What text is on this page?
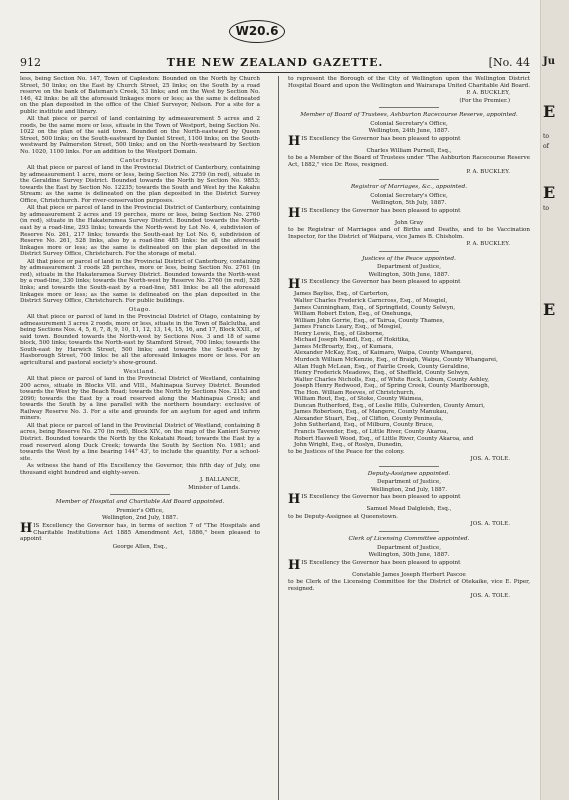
Ju
E
to
of
E
to
E
W20.6
912	THE NEW ZEALAND GAZETTE.	[No. 44

less, being Section No. 147, Town of Capleston: Bounded on the North by Church Street, 50 links; on the East by Church Street, 25 links; on the South by a road reserve on the bank of Bateman's Creek, 53 links; and on the West by Section No. 146, 42 links: be all the aforesaid linkages more or less; as the same is delineated on the plan deposited in the office of the Chief Surveyor, Nelson. For a site for a public institute and library.

All that piece or parcel of land containing by admeasurement 5 acres and 2 roods, be the same more or less, situate in the Town of Westport, being Section No. 1022 on the plan of the said town. Bounded on the North-eastward by Queen Street, 500 links; on the South-eastward by Daniel Street, 1100 links; on the South-westward by Palmerston Street, 500 links; and on the North-westward by Section No. 1020, 1100 links. For an addition to the Westport Domain.

Canterbury.

All that piece or parcel of land in the Provincial District of Canterbury, containing by admeasurement 1 acre, more or less, being Section No. 2759 (in red), situate in the Geraldine Survey District. Bounded towards the North by Section No. 9853; towards the East by Section No. 12235; towards the South and West by the Kakahu Stream: as the same is delineated on the plan deposited in the District Survey Office, Christchurch. For river-conservation purposes.

All that piece or parcel of land in the Provincial District of Canterbury, containing by admeasurement 2 acres and 19 perches, more or less, being Section No. 2760 (in red), situate in the Hakateramea Survey District. Bounded towards the North-east by a road-line, 293 links; towards the North-west by Lot No. 4, subdivision of Reserve No. 261, 217 links; towards the South-east by Lot No. 6, subdivision of Reserve No. 261, 528 links, also by a road-line 485 links: be all the aforesaid linkages more or less; as the same is delineated on the plan deposited in the District Survey Office, Christchurch. For the storage of metal.

All that piece or parcel of land in the Provincial District of Canterbury, containing by admeasurement 3 roods 28 perches, more or less, being Section No. 2761 (in red), situate in the Hakateramea Survey District. Bounded towards the North-west by a road-line, 330 links; towards the North-west by Reserve No. 2760 (in red), 528 links; and towards the South-east by a road-line, 581 links: be all the aforesaid linkages more or less; as the same is delineated on the plan deposited in the District Survey Office, Christchurch. For public buildings.

Otago.

All that piece or parcel of land in the Provincial District of Otago, containing by admeasurement 3 acres 2 roods, more or less, situate in the Town of Balclutha, and being Sections Nos. 4, 5, 6, 7, 8, 9, 10, 11, 12, 13, 14, 15, 16, and 17, Block XXII., of said town. Bounded towards the North-west by Sections Nos. 3 and 18 of same block, 500 links; towards the North-east by Stamford Street, 700 links; towards the South-east by Harwich Street, 500 links; and towards the South-west by Hasborough Street, 700 links: be all the aforesaid linkages more or less. For an agricultural and pastoral society's show-ground.

Westland.

All that piece or parcel of land in the Provincial District of Westland, containing 200 acres, situate in Blocks VII. and VIII., Mahinapua Survey District. Bounded towards the West by the Beach Road; towards the North by Sections Nos. 2153 and 2090; towards the East by a road reserved along the Mahinapua Creek; and towards the South by a line parallel with the northern boundary: exclusive of Railway Reserve No. 3. For a site and grounds for an asylum for aged and infirm miners.

All that piece or parcel of land in the Provincial District of Westland, containing 8 acres, being Reserve No. 270 (in red), Block XIV., on the map of the Kanieri Survey District. Bounded towards the North by the Kokatahi Road; towards the East by a road reserved along Duck Creek; towards the South by Section No. 1981; and towards the West by a line bearing 144° 43', to include the quantity. For a school-site.

As witness the hand of His Excellency the Governor, this fifth day of July, one thousand eight hundred and eighty-seven.

J. BALLANCE,

Minister of Lands.

Member of Hospital and Charitable Aid Board appointed.

Premier's Office,

Wellington, 2nd July, 1887.

HIS Excellency the Governor has, in terms of section 7 of "The Hospitals and Charitable Institutions Act 1885 Amendment Act, 1886," been pleased to appoint

George Allen, Esq.,

to represent the Borough of the City of Wellington upon the Wellington District Hospital Board and upon the Wellington and Wairarapa United Charitable Aid Board.

P. A. BUCKLEY,

(For the Premier.)

Member of Board of Trustees, Ashburton Racecourse Reserve, appointed.

Colonial Secretary's Office,

Wellington, 24th June, 1887.

HIS Excellency the Governor has been pleased to appoint

Charles William Purnell, Esq.,

to be a Member of the Board of Trustees under "The Ashburton Racecourse Reserve Act, 1882," vice Dr. Ross, resigned.

P. A. BUCKLEY.

Registrar of Marriages, &c., appointed.

Colonial Secretary's Office,

Wellington, 5th July, 1887.

HIS Excellency the Governor has been pleased to appoint

John Gray

to be Registrar of Marriages and of Births and Deaths, and to be Vaccination Inspector, for the District of Waipara, vice James B. Chisholm.

P. A. BUCKLEY.

Justices of the Peace appointed.

Department of Justice,

Wellington, 30th June, 1887.

HIS Excellency the Governor has been pleased to appoint

James Bayliss, Esq., of Carterton,

Walter Charles Frederick Carncross, Esq., of Mosgiel,

James Cunningham, Esq., of Springfield, County Selwyn,

William Robert Exton, Esq., of Onehunga,

William John Gorrie, Esq., of Tairua, County Thames,

James Francis Leary, Esq., of Mosgiel,

Henry Lewis, Esq., of Gisborne,

Michael Joseph Mandl, Esq., of Hokitika,

James McBroarty, Esq., of Kumara,

Alexander McKay, Esq., of Kaimaro, Waipa, County Whangarei,

Murdoch William McKenzie, Esq., of Braigh, Waipu, County Whangarei,

Allan Hugh McLean, Esq., of Fairlie Creek, County Geraldine,

Henry Frederick Meadows, Esq., of Sheffield, County Selwyn,

Walter Charles Nicholls, Esq., of White Rock, Lobum, County Ashley,

Joseph Henry Redwood, Esq., of Spring Creek, County Marlborough,

The Hon. William Reeves, of Christchurch,

William Rout, Esq., of Stoke, County Waimea,

Duncan Rutherford, Esq., of Leslie Hills, Culverden, County Amuri,

James Robertson, Esq., of Mangere, County Manukau,

Alexander Stuart, Esq., of Clifton, County Peninsula,

John Sutherland, Esq., of Milburn, County Bruce,

Francis Tavender, Esq., of Little River, County Akaroa,

Robert Haswell Wood, Esq., of Little River, County Akaroa, and

John Wright, Esq., of Roslyn, Dunedin,

to be Justices of the Peace for the colony.

JOS. A. TOLE.

Deputy-Assignee appointed.

Department of Justice,

Wellington, 2nd July, 1887.

HIS Excellency the Governor has been pleased to appoint

Samuel Mead Dalgleish, Esq.,

to be Deputy-Assignee at Queenstown.

JOS. A. TOLE.

Clerk of Licensing Committee appointed.

Department of Justice,

Wellington, 30th June, 1887.

HIS Excellency the Governor has been pleased to appoint

Constable James Joseph Herbert Pascoe

to be Clerk of the Licensing Committee for the District of Otekaike, vice E. Piper, resigned.

JOS. A. TOLE.
